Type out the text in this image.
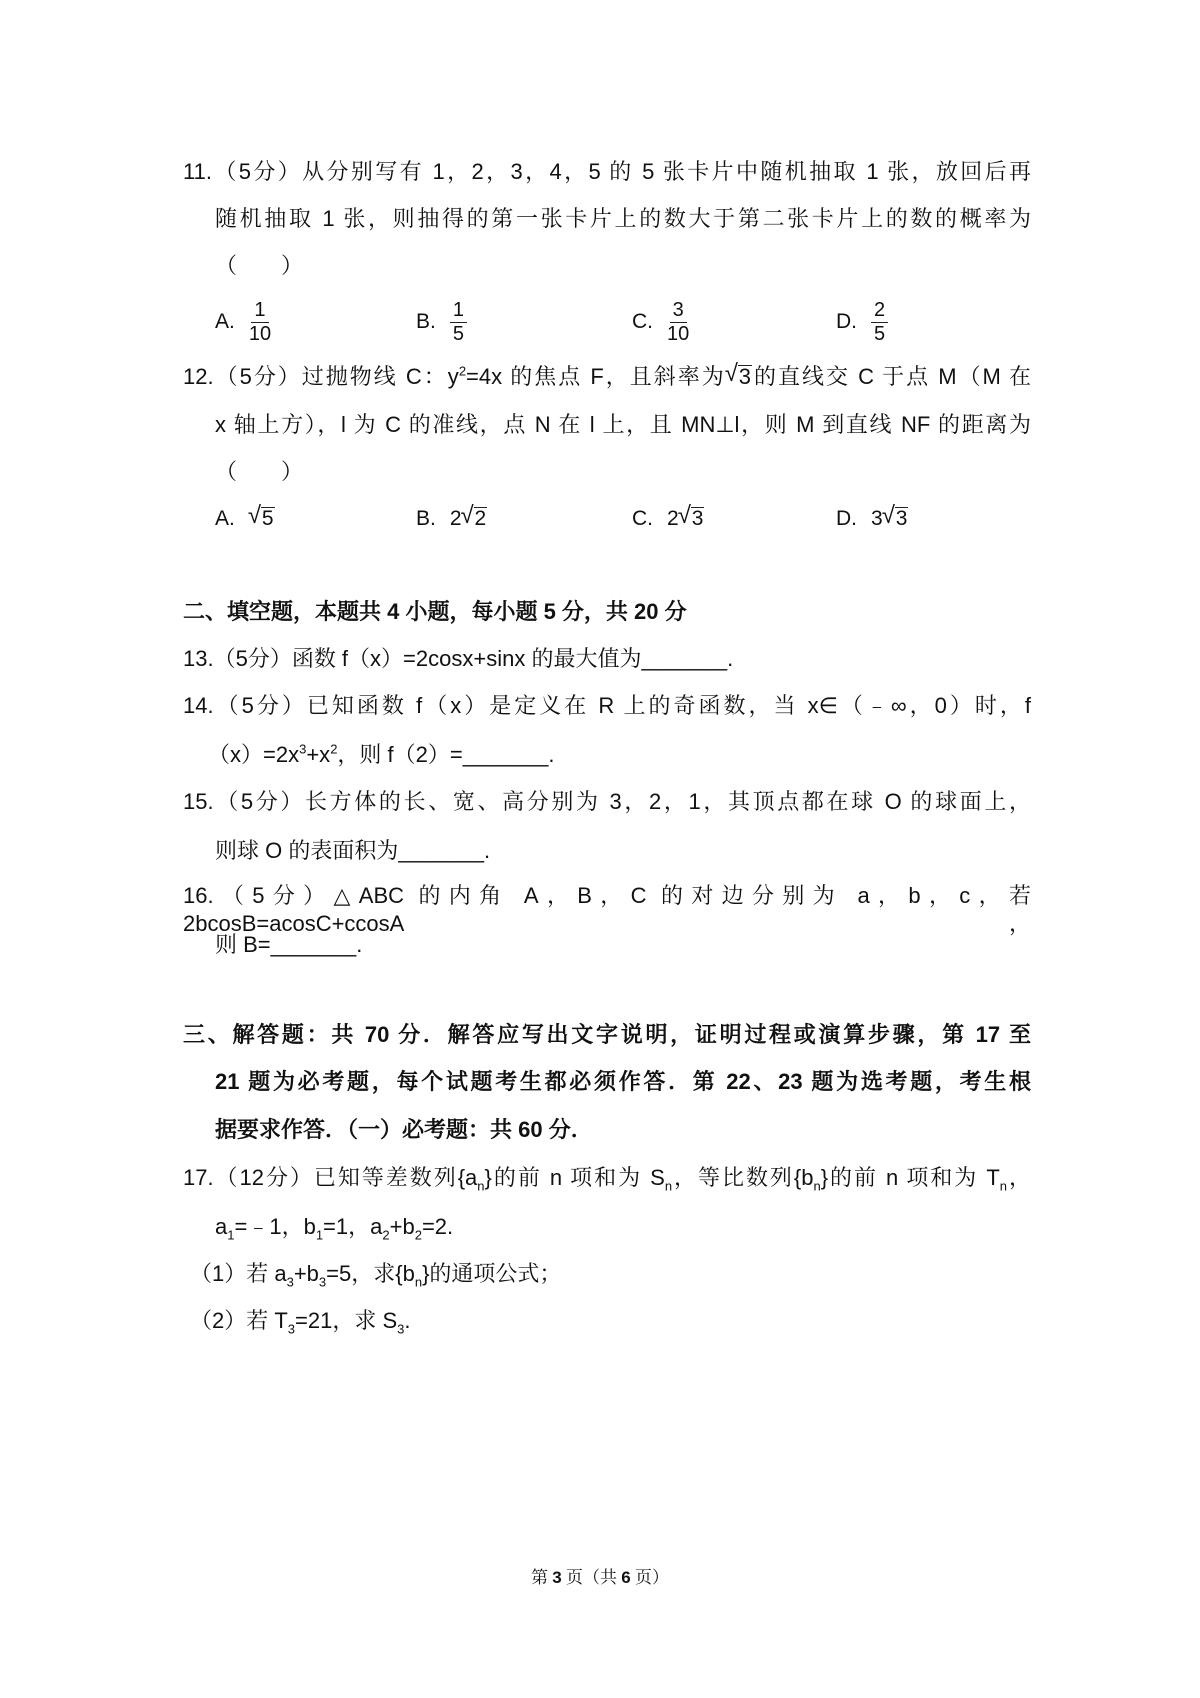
11.（5分）从分别写有 1，2，3，4，5 的 5 张卡片中随机抽取 1 张，放回后再
随机抽取 1 张，则抽得的第一张卡片上的数大于第二张卡片上的数的概率为
（　　）
12.（5分）过抛物线 C：$y^2=4x$ 的焦点 F，且斜率为 √ 3的直线交 C 于点 M（M 在
x 轴上方），l 为 C 的准线，点 N 在 l 上，且 MN⊥l，则 M 到直线 NF 的距离为
（　　）
二、填空题，本题共 4 小题，每小题 5 分，共 20 分
13.（5分）函数 f（x）=2cosx+sinx 的最大值为_______.
14.（5分）已知函数 f（x）是定义在 R 上的奇函数，当 x∈（﹣∞，0）时，f
$(x)=2x^3+x^2$，则 f（2）=_______.
15.（5分）长方体的长、宽、高分别为 3，2，1，其顶点都在球 O 的球面上，
则球 O 的表面积为_______.
16.（5分）△ABC 的内角 A，B，C 的对边分别为 a，b，c，若 2bcosB=acosC+ccosA，
则 B=_______.
三、解答题：共 70 分．解答应写出文字说明，证明过程或演算步骤，第 17 至
21 题为必考题，每个试题考生都必须作答．第 22、23 题为选考题，考生根
据要求作答．（一）必考题：共 60 分．
17.（12分）已知等差数列$\{a_n\}$的前 n 项和为 $S_n$，等比数列$\{b_n\}$的前 n 项和为 $T_n$，
$a_1=﹣1$，$b_1=1$，$a_2+b_2=2$.
（1）若 $a_3+b_3=5$，求$\{b_n\}$的通项公式；
（2）若 $T_3=21$，求 $S_3$.
A. $\frac{1}{10}$	B. $\frac{1}{5}$	C. $\frac{3}{10}$	D. $\frac{2}{5}$
A.	√ 5	B. 2 √ 2	C. 2 √ 3	D. 3 √ 3
第 3 页（共 6 页）
